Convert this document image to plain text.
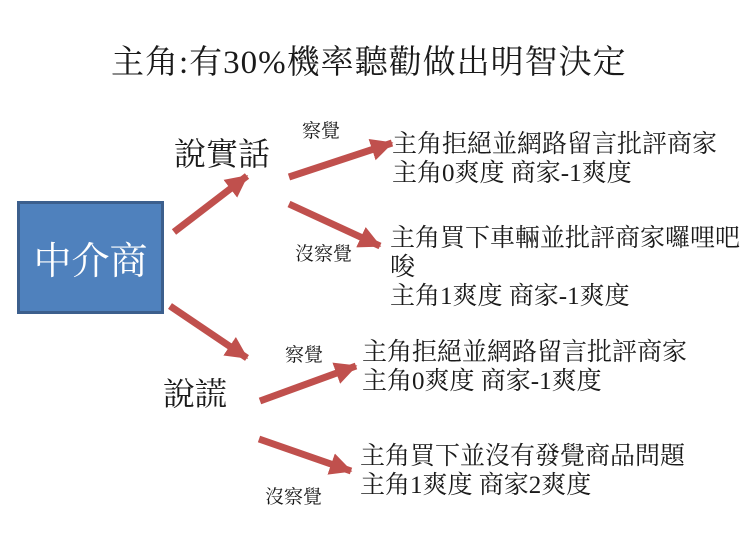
主角:有30%機率聽勸做出明智決定
中介商
說實話
說謊
察覺
沒察覺
察覺
沒察覺
主角拒絕並網路留言批評商家
主角0爽度 商家-1爽度
主角買下車輛並批評商家囉哩吧
唆
主角1爽度 商家-1爽度
主角拒絕並網路留言批評商家
主角0爽度 商家-1爽度
主角買下並沒有發覺商品問題
主角1爽度 商家2爽度
